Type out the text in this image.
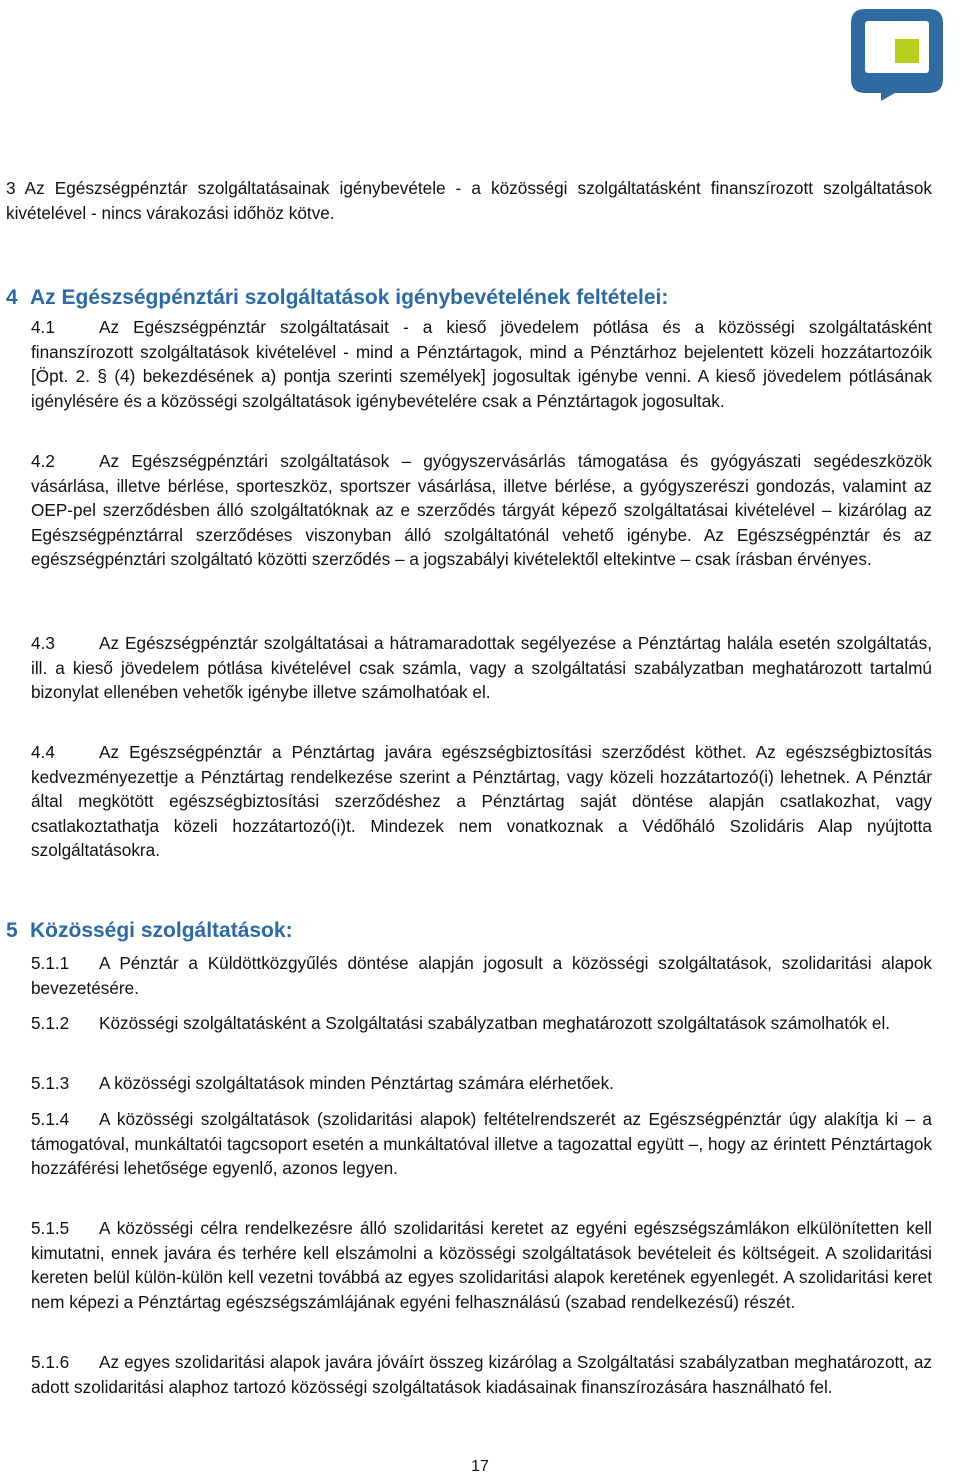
3 Az Egészségpénztár szolgáltatásainak igénybevétele - a közösségi szolgáltatásként finanszírozott szolgáltatások kivételével - nincs várakozási időhöz kötve.

4 Az Egészségpénztári szolgáltatások igénybevételének feltételei:

4.1	Az Egészségpénztár szolgáltatásait - a kieső jövedelem pótlása és a közösségi szolgáltatásként finanszírozott szolgáltatások kivételével - mind a Pénztártagok, mind a Pénztárhoz bejelentett közeli hozzátartozóik [Öpt. 2. § (4) bekezdésének a) pontja szerinti személyek] jogosultak igénybe venni. A kieső jövedelem pótlásának igénylésére és a közösségi szolgáltatások igénybevételére csak a Pénztártagok jogosultak.

4.2	Az Egészségpénztári szolgáltatások – gyógyszervásárlás támogatása és gyógyászati segédeszközök vásárlása, illetve bérlése, sporteszköz, sportszer vásárlása, illetve bérlése, a gyógyszerészi gondozás, valamint az OEP-pel szerződésben álló szolgáltatóknak az e szerződés tárgyát képező szolgáltatásai kivételével – kizárólag az Egészségpénztárral szerződéses viszonyban álló szolgáltatónál vehető igénybe. Az Egészségpénztár és az egészségpénztári szolgáltató közötti szerződés – a jogszabályi kivételektől eltekintve – csak írásban érvényes.

4.3	Az Egészségpénztár szolgáltatásai a hátramaradottak segélyezése a Pénztártag halála esetén szolgáltatás, ill. a kieső jövedelem pótlása kivételével csak számla, vagy a szolgáltatási szabályzatban meghatározott tartalmú bizonylat ellenében vehetők igénybe illetve számolhatóak el.

4.4	Az Egészségpénztár a Pénztártag javára egészségbiztosítási szerződést köthet. Az egészségbiztosítás kedvezményezettje a Pénztártag rendelkezése szerint a Pénztártag, vagy közeli hozzátartozó(i) lehetnek. A Pénztár által megkötött egészségbiztosítási szerződéshez a Pénztártag saját döntése alapján csatlakozhat, vagy csatlakoztathatja közeli hozzátartozó(i)t. Mindezek nem vonatkoznak a Védőháló Szolidáris Alap nyújtotta szolgáltatásokra.

5 Közösségi szolgáltatások:

5.1.1 A Pénztár a Küldöttközgyűlés döntése alapján jogosult a közösségi szolgáltatások, szolidaritási alapok bevezetésére.

5.1.2 Közösségi szolgáltatásként a Szolgáltatási szabályzatban meghatározott szolgáltatások számolhatók el.

5.1.3 A közösségi szolgáltatások minden Pénztártag számára elérhetőek.

5.1.4 A közösségi szolgáltatások (szolidaritási alapok) feltételrendszerét az Egészségpénztár úgy alakítja ki – a támogatóval, munkáltatói tagcsoport esetén a munkáltatóval illetve a tagozattal együtt –, hogy az érintett Pénztártagok hozzáférési lehetősége egyenlő, azonos legyen.

5.1.5 A közösségi célra rendelkezésre álló szolidaritási keretet az egyéni egészségszámlákon elkülönítetten kell kimutatni, ennek javára és terhére kell elszámolni a közösségi szolgáltatások bevételeit és költségeit. A szolidaritási kereten belül külön-külön kell vezetni továbbá az egyes szolidaritási alapok keretének egyenlegét. A szolidaritási keret nem képezi a Pénztártag egészségszámlájának egyéni felhasználású (szabad rendelkezésű) részét.

5.1.6 Az egyes szolidaritási alapok javára jóváírt összeg kizárólag a Szolgáltatási szabályzatban meghatározott, az adott szolidaritási alaphoz tartozó közösségi szolgáltatások kiadásainak finanszírozására használható fel.

17
